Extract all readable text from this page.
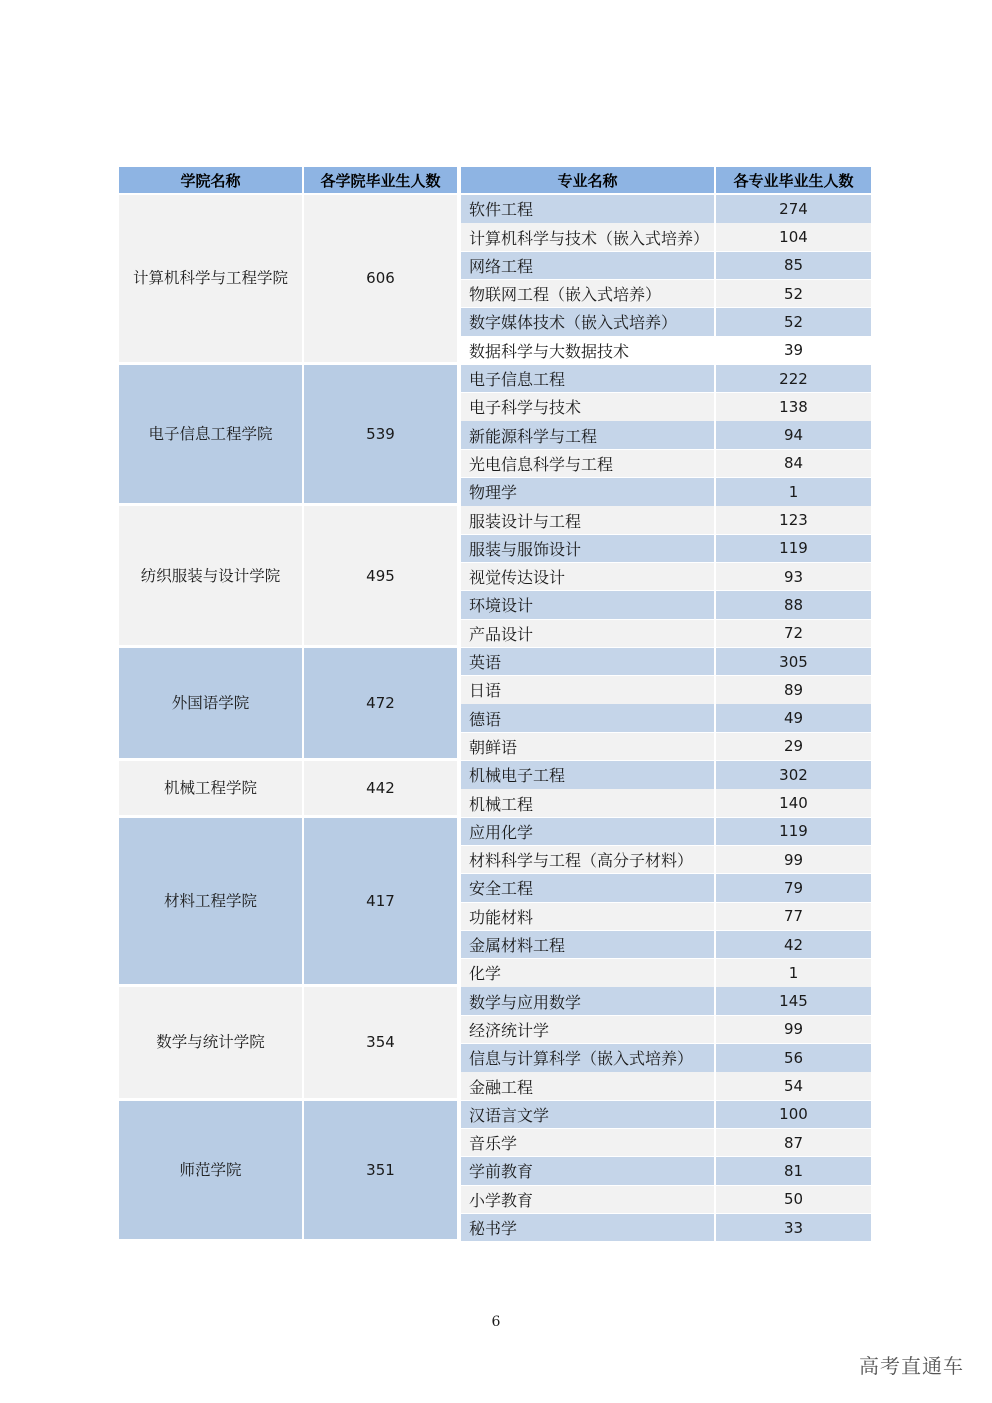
学院名称	各学院毕业生人数	专业名称	各专业毕业生人数
计算机科学与工程学院	606
软件工程	274
计算机科学与技术（嵌入式培养）	104
网络工程	85
物联网工程（嵌入式培养）	52
数字媒体技术（嵌入式培养）	52
数据科学与大数据技术	39
电子信息工程学院	539
电子信息工程	222
电子科学与技术	138
新能源科学与工程	94
光电信息科学与工程	84
物理学	1
纺织服装与设计学院	495
服装设计与工程	123
服装与服饰设计	119
视觉传达设计	93
环境设计	88
产品设计	72
外国语学院	472
英语	305
日语	89
德语	49
朝鲜语	29
机械工程学院	442
机械电子工程	302
机械工程	140
材料工程学院	417
应用化学	119
材料科学与工程（高分子材料）	99
安全工程	79
功能材料	77
金属材料工程	42
化学	1
数学与统计学院	354
数学与应用数学	145
经济统计学	99
信息与计算科学（嵌入式培养）	56
金融工程	54
师范学院	351
汉语言文学	100
音乐学	87
学前教育	81
小学教育	50
秘书学	33
6
高考直通车
